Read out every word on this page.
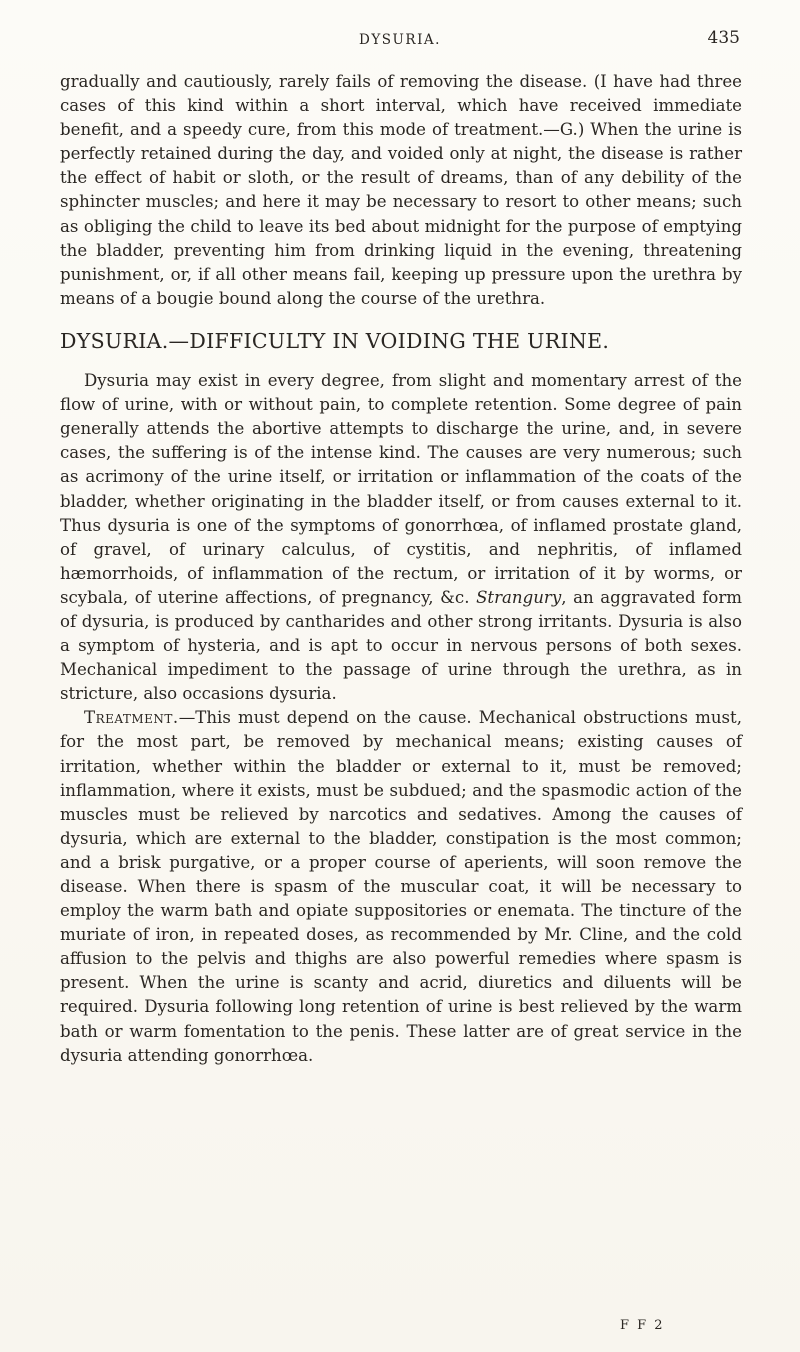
DYSURIA.	435

gradually and cautiously, rarely fails of removing the disease. (I have had three cases of this kind within a short interval, which have received immediate benefit, and a speedy cure, from this mode of treatment.—G.) When the urine is perfectly retained during the day, and voided only at night, the disease is rather the effect of habit or sloth, or the result of dreams, than of any debility of the sphincter muscles; and here it may be necessary to resort to other means; such as obliging the child to leave its bed about midnight for the purpose of emptying the bladder, preventing him from drinking liquid in the evening, threatening punishment, or, if all other means fail, keeping up pressure upon the urethra by means of a bougie bound along the course of the urethra.

DYSURIA.—DIFFICULTY IN VOIDING THE URINE.

Dysuria may exist in every degree, from slight and momentary arrest of the flow of urine, with or without pain, to complete retention. Some degree of pain generally attends the abortive attempts to discharge the urine, and, in severe cases, the suffering is of the intense kind. The causes are very numerous; such as acrimony of the urine itself, or irritation or inflammation of the coats of the bladder, whether originating in the bladder itself, or from causes external to it. Thus dysuria is one of the symptoms of gonorrhœa, of inflamed prostate gland, of gravel, of urinary calculus, of cystitis, and nephritis, of inflamed hæmorrhoids, of inflammation of the rectum, or irritation of it by worms, or scybala, of uterine affections, of pregnancy, &c. Strangury, an aggravated form of dysuria, is produced by cantharides and other strong irritants. Dysuria is also a symptom of hysteria, and is apt to occur in nervous persons of both sexes. Mechanical impediment to the passage of urine through the urethra, as in stricture, also occasions dysuria.

Treatment.—This must depend on the cause. Mechanical obstructions must, for the most part, be removed by mechanical means; existing causes of irritation, whether within the bladder or external to it, must be removed; inflammation, where it exists, must be subdued; and the spasmodic action of the muscles must be relieved by narcotics and sedatives. Among the causes of dysuria, which are external to the bladder, constipation is the most common; and a brisk purgative, or a proper course of aperients, will soon remove the disease. When there is spasm of the muscular coat, it will be necessary to employ the warm bath and opiate suppositories or enemata. The tincture of the muriate of iron, in repeated doses, as recommended by Mr. Cline, and the cold affusion to the pelvis and thighs are also powerful remedies where spasm is present. When the urine is scanty and acrid, diuretics and diluents will be required. Dysuria following long retention of urine is best relieved by the warm bath or warm fomentation to the penis. These latter are of great service in the dysuria attending gonorrhœa.

F F 2
